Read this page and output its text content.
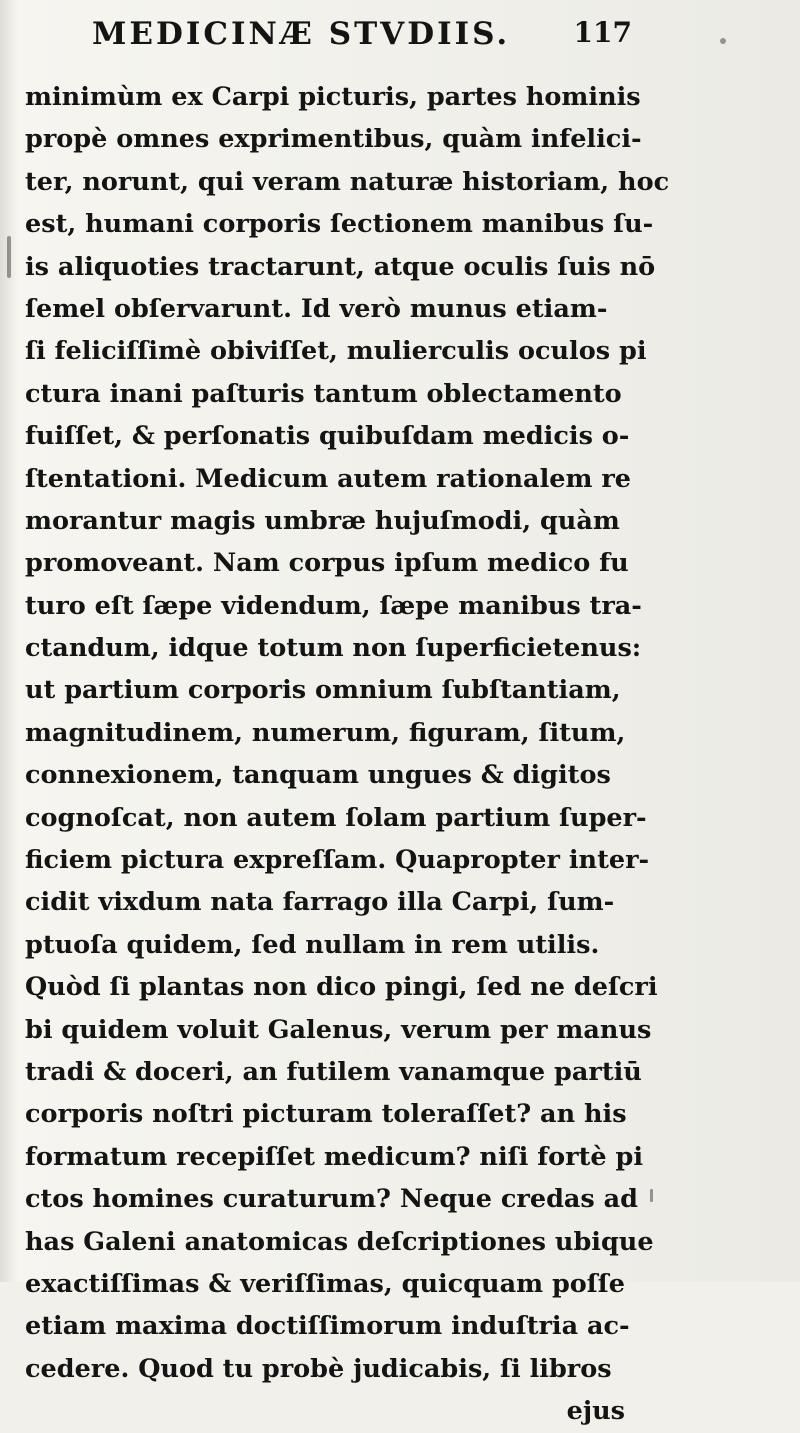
MEDICINÆ STVDIIS. 117
minimùm ex Carpi picturis, partes hominis
propè omnes exprimentibus, quàm infelici-
ter, norunt, qui veram naturæ historiam, hoc
est, humani corporis ſectionem manibus ſu-
is aliquoties tractarunt, atque oculis ſuis nō
ſemel obſervarunt. Id verò munus etiam-
ſi feliciſſimè obiviſſet, mulierculis oculos pi
ctura inani paſturis tantum oblectamento
fuiſſet, & perſonatis quibuſdam medicis o-
ſtentationi. Medicum autem rationalem re
morantur magis umbræ hujuſmodi, quàm
promoveant. Nam corpus ipſum medico fu
turo eſt ſæpe videndum, ſæpe manibus tra-
ctandum, idque totum non ſuperficietenus:
ut partium corporis omnium ſubſtantiam,
magnitudinem, numerum, figuram, ſitum,
connexionem, tanquam ungues & digitos
cognoſcat, non autem ſolam partium ſuper-
ficiem pictura expreſſam. Quapropter inter-
cidit vixdum nata farrago illa Carpi, ſum-
ptuoſa quidem, ſed nullam in rem utilis.
Quòd ſi plantas non dico pingi, ſed ne deſcri
bi quidem voluit Galenus, verum per manus
tradi & doceri, an futilem vanamque partiū
corporis noſtri picturam toleraſſet? an his
formatum recepiſſet medicum? niſi fortè pi
ctos homines curaturum? Neque credas ad
has Galeni anatomicas deſcriptiones ubique
exactiſſimas & veriſſimas, quicquam poſſe
etiam maxima doctiſſimorum induſtria ac-
cedere. Quod tu probè judicabis, ſi libros
ejus
